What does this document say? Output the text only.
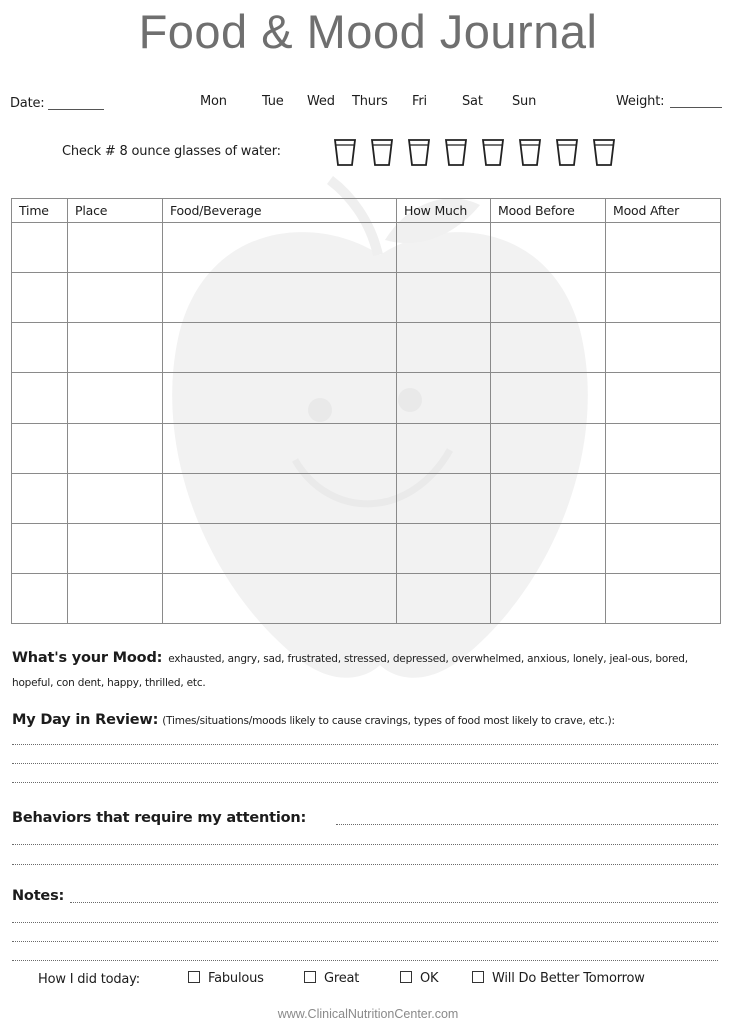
Food & Mood Journal
Date:	Mon	Tue Wed Thurs Fri	Sat Sun	Weight:
Check # 8 ounce glasses of water:
Time	Place	Food/Beverage	How Much	Mood Before	Mood After

What's your Mood: exhausted, angry, sad, frustrated, stressed, depressed, overwhelmed, anxious, lonely, jeal-ous, bored, hopeful, con dent, happy, thrilled, etc.
My Day in Review: (Times/situations/moods likely to cause cravings, types of food most likely to crave, etc.):
Behaviors that require my attention:
Notes:
How I did today:	Fabulous	Great	OK	Will Do Better Tomorrow
www.ClinicalNutritionCenter.com
